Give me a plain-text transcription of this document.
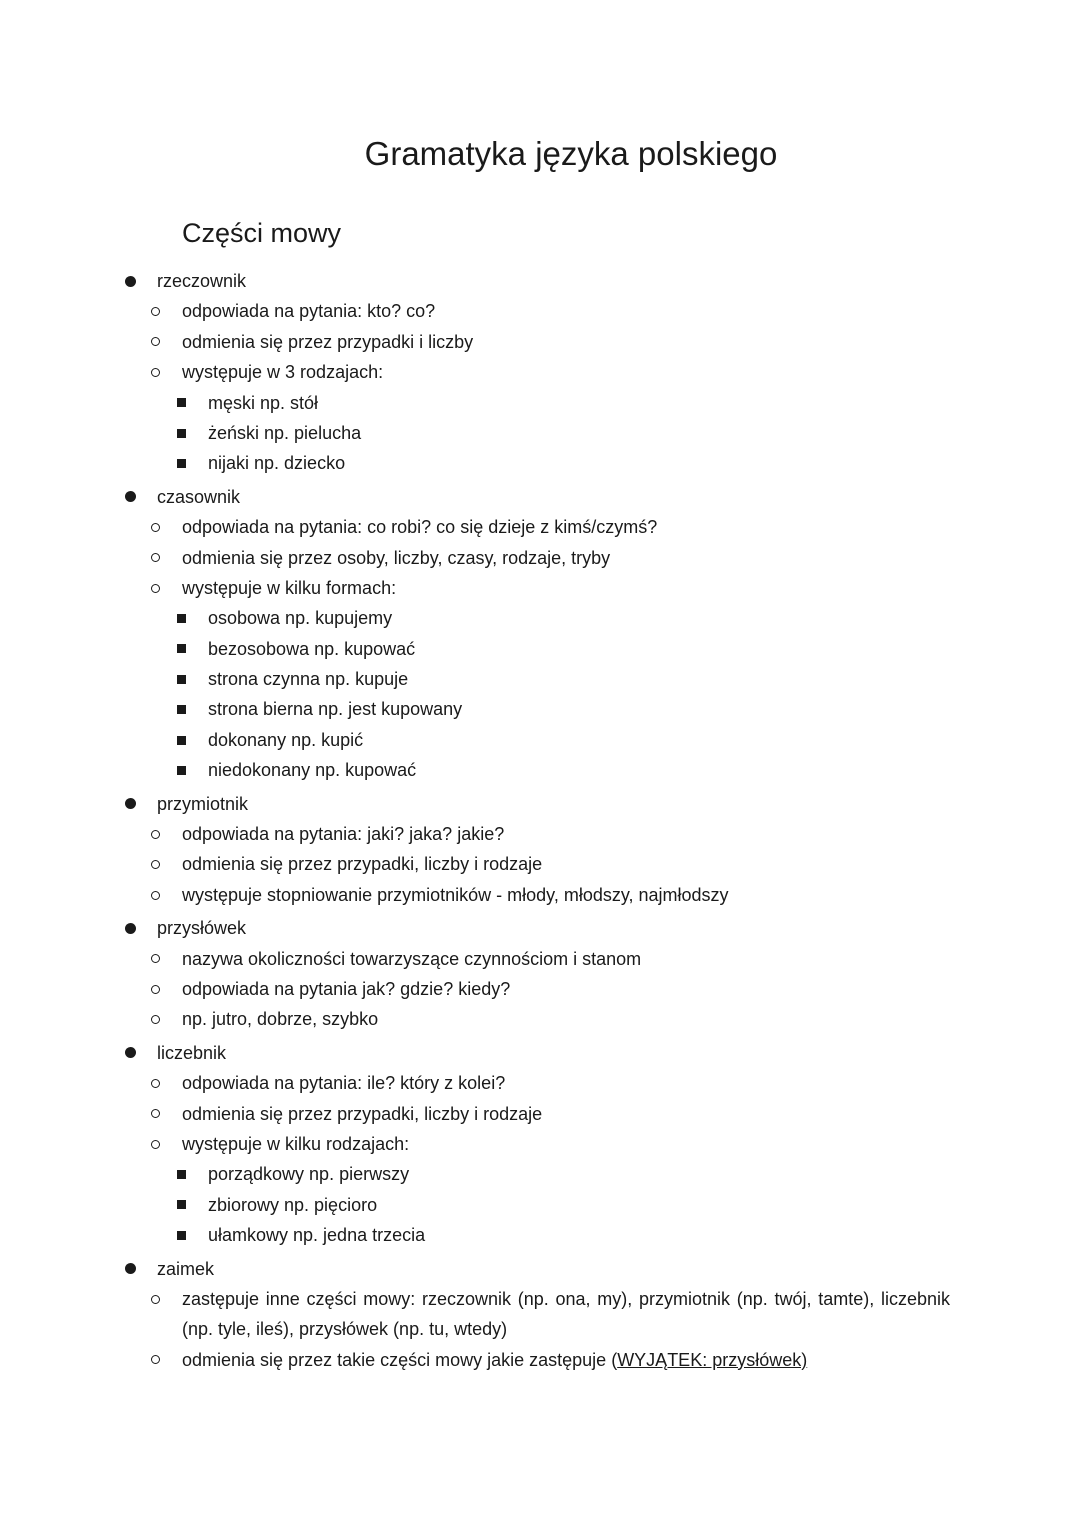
Gramatyka języka polskiego
Części mowy
rzeczownik
odpowiada na pytania: kto? co?
odmienia się przez przypadki i liczby
występuje w 3 rodzajach:
męski np. stół
żeński np. pielucha
nijaki np. dziecko
czasownik
odpowiada na pytania: co robi? co się dzieje z kimś/czymś?
odmienia się przez osoby, liczby, czasy, rodzaje, tryby
występuje w kilku formach:
osobowa np. kupujemy
bezosobowa np. kupować
strona czynna np. kupuje
strona bierna np. jest kupowany
dokonany np. kupić
niedokonany np. kupować
przymiotnik
odpowiada na pytania: jaki? jaka? jakie?
odmienia się przez przypadki, liczby i rodzaje
występuje stopniowanie przymiotników - młody, młodszy, najmłodszy
przysłówek
nazywa okoliczności towarzyszące czynnościom i stanom
odpowiada na pytania jak? gdzie? kiedy?
np. jutro, dobrze, szybko
liczebnik
odpowiada na pytania: ile? który z kolei?
odmienia się przez przypadki, liczby i rodzaje
występuje w kilku rodzajach:
porządkowy np. pierwszy
zbiorowy np. pięcioro
ułamkowy np. jedna trzecia
zaimek
zastępuje inne części mowy: rzeczownik (np. ona, my), przymiotnik (np. twój, tamte), liczebnik (np. tyle, ileś), przysłówek (np. tu, wtedy)
odmienia się przez takie części mowy jakie zastępuje (WYJĄTEK: przysłówek)
